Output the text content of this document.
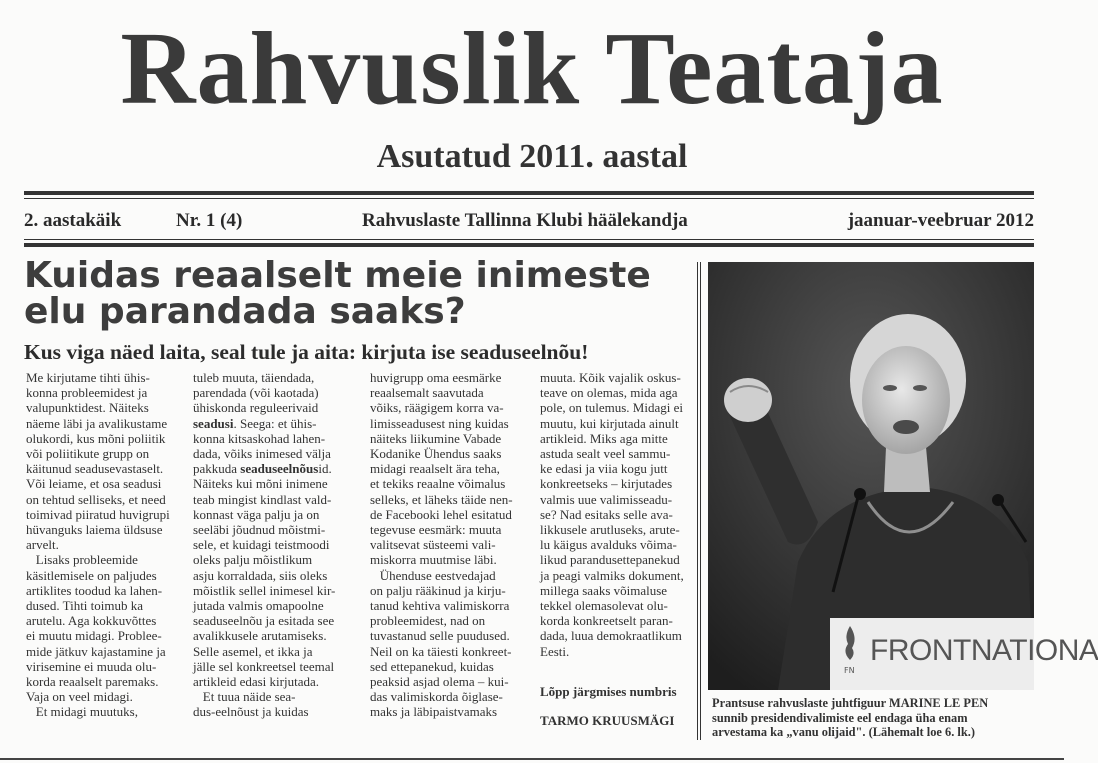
Rahvuslik Teataja
Asutatud 2011. aastal
2. aastakäik	Nr. 1 (4)	Rahvuslaste Tallinna Klubi häälekandja	jaanuar-veebruar 2012
Kuidas reaalselt meie inimeste
elu parandada saaks?
Kus viga näed laita, seal tule ja aita: kirjuta ise seaduseelnõu!
Me kirjutame tihti ühis-
konna probleemidest ja
valupunktidest. Näiteks
näeme läbi ja avalikustame
olukordi, kus mõni poliitik
või poliitikute grupp on
käitunud seadusevastaselt.
Või leiame, et osa seadusi
on tehtud selliseks, et need
toimivad piiratud huvigrupi
hüvanguks laiema üldsuse
arvelt.
Lisaks probleemide
käsitlemisele on paljudes
artiklites toodud ka lahen-
dused. Tihti toimub ka
arutelu. Aga kokkuvõttes
ei muutu midagi. Problee-
mide jätkuv kajastamine ja
virisemine ei muuda olu-
korda reaalselt paremaks.
Vaja on veel midagi.
Et midagi muutuks,
tuleb muuta, täiendada,
parendada (või kaotada)
ühiskonda reguleerivaid
seadusi. Seega: et ühis-
konna kitsaskohad lahen-
dada, võiks inimesed välja
pakkuda seaduseelnõusid.
Näiteks kui mõni inimene
teab mingist kindlast vald-
konnast väga palju ja on
seeläbi jõudnud mõistmi-
sele, et kuidagi teistmoodi
oleks palju mõistlikum
asju korraldada, siis oleks
mõistlik sellel inimesel kir-
jutada valmis omapoolne
seaduseelnõu ja esitada see
avalikkusele arutamiseks.
Selle asemel, et ikka ja
jälle sel konkreetsel teemal
artikleid edasi kirjutada.
Et tuua näide sea-
dus-eelnõust ja kuidas
huvigrupp oma eesmärke
reaalsemalt saavutada
võiks, räägigem korra va-
limisseadusest ning kuidas
näiteks liikumine Vabade
Kodanike Ühendus saaks
midagi reaalselt ära teha,
et tekiks reaalne võimalus
selleks, et läheks täide nen-
de Facebooki lehel esitatud
tegevuse eesmärk: muuta
valitsevat süsteemi vali-
miskorra muutmise läbi.
Ühenduse eestvedajad
on palju rääkinud ja kirju-
tanud kehtiva valimiskorra
probleemidest, nad on
tuvastanud selle puudused.
Neil on ka täiesti konkreet-
sed ettepanekud, kuidas
peaksid asjad olema – kui-
das valimiskorda õiglase-
maks ja läbipaistvamaks
muuta. Kõik vajalik oskus-
teave on olemas, mida aga
pole, on tulemus. Midagi ei
muutu, kui kirjutada ainult
artikleid. Miks aga mitte
astuda sealt veel sammu-
ke edasi ja viia kogu jutt
konkreetseks – kirjutades
valmis uue valimisseadu-
se? Nad esitaks selle ava-
likkusele arutluseks, arute-
lu käigus avalduks võima-
likud parandusettepanekud
ja peagi valmiks dokument,
millega saaks võimaluse
tekkel olemasolevat olu-
korda konkreetselt paran-
dada, luua demokraatlikum
Eesti.
Lõpp järgmises numbris
TARMO KRUUSMÄGI
FN
FRONTNATIONA
Prantsuse rahvuslaste juhtfiguur MARINE LE PEN
sunnib presidendivalimiste eel endaga üha enam
arvestama ka „vanu olijaid". (Lähemalt loe 6. lk.)
